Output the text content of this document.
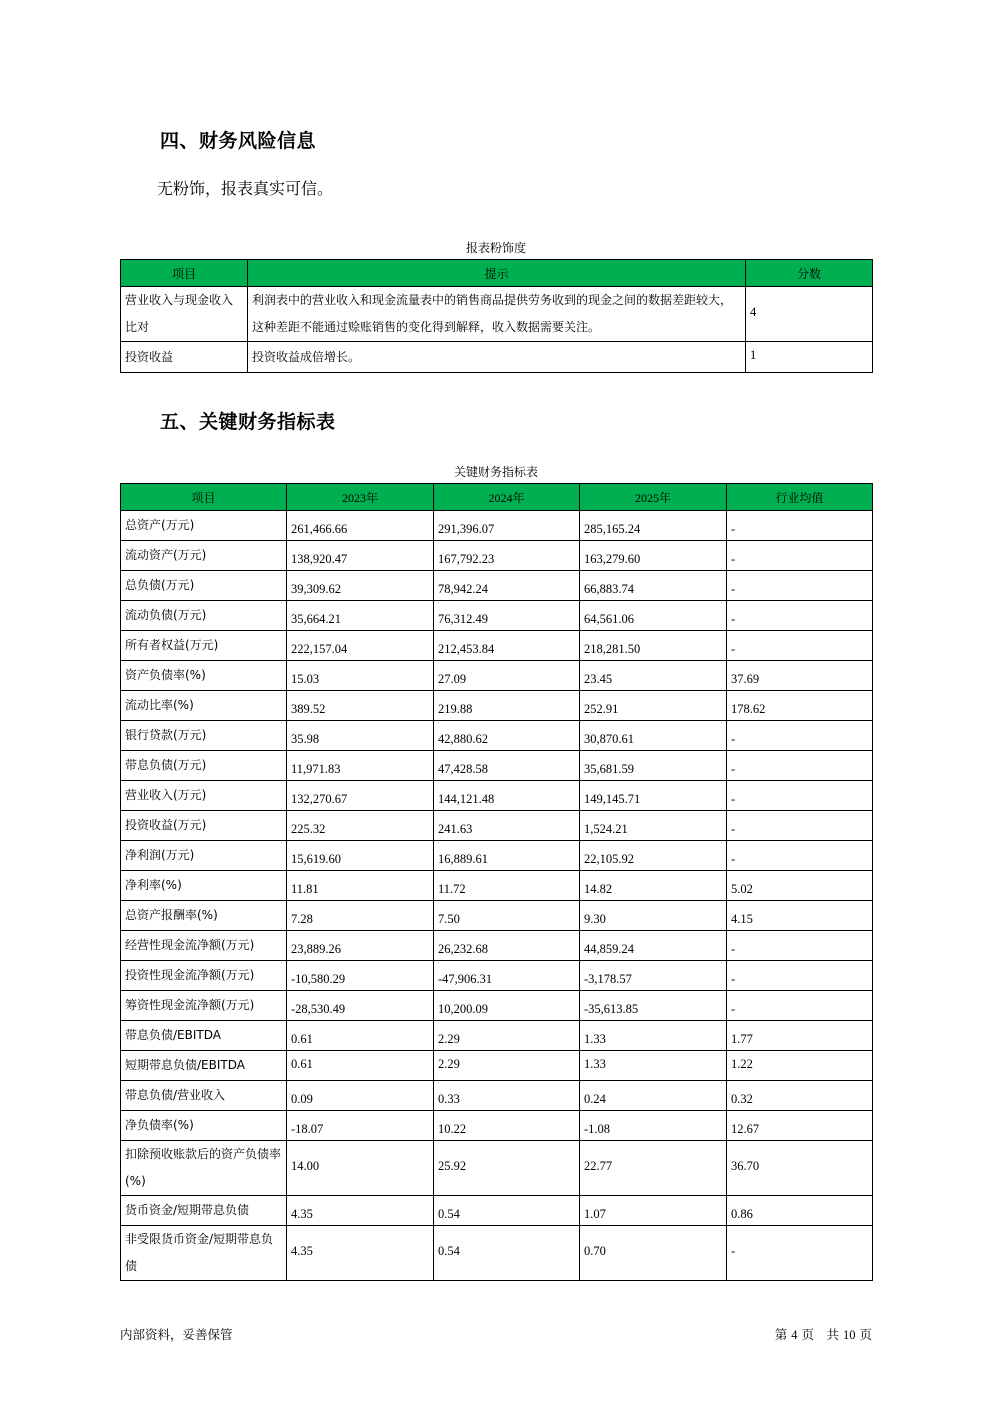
四、财务风险信息
无粉饰，报表真实可信。
报表粉饰度
项目	提示	分数
营业收入与现金收入比对	利润表中的营业收入和现金流量表中的销售商品提供劳务收到的现金之间的数据差距较大，这种差距不能通过赊账销售的变化得到解释，收入数据需要关注。	4
投资收益	投资收益成倍增长。	1
五、关键财务指标表
关键财务指标表
项目	2023年	2024年	2025年	行业均值
总资产(万元)	261,466.66	291,396.07	285,165.24	-
流动资产(万元)	138,920.47	167,792.23	163,279.60	-
总负债(万元)	39,309.62	78,942.24	66,883.74	-
流动负债(万元)	35,664.21	76,312.49	64,561.06	-
所有者权益(万元)	222,157.04	212,453.84	218,281.50	-
资产负债率(%)	15.03	27.09	23.45	37.69
流动比率(%)	389.52	219.88	252.91	178.62
银行贷款(万元)	35.98	42,880.62	30,870.61	-
带息负债(万元)	11,971.83	47,428.58	35,681.59	-
营业收入(万元)	132,270.67	144,121.48	149,145.71	-
投资收益(万元)	225.32	241.63	1,524.21	-
净利润(万元)	15,619.60	16,889.61	22,105.92	-
净利率(%)	11.81	11.72	14.82	5.02
总资产报酬率(%)	7.28	7.50	9.30	4.15
经营性现金流净额(万元)	23,889.26	26,232.68	44,859.24	-
投资性现金流净额(万元)	-10,580.29	-47,906.31	-3,178.57	-
筹资性现金流净额(万元)	-28,530.49	10,200.09	-35,613.85	-
带息负债/EBITDA	0.61	2.29	1.33	1.77
短期带息负债/EBITDA	0.61	2.29	1.33	1.22
带息负债/营业收入	0.09	0.33	0.24	0.32
净负债率(%)	-18.07	10.22	-1.08	12.67
扣除预收账款后的资产负债率(%)	14.00	25.92	22.77	36.70
货币资金/短期带息负债	4.35	0.54	1.07	0.86
非受限货币资金/短期带息负债	4.35	0.54	0.70	-
内部资料，妥善保管	第 4 页　共 10 页
